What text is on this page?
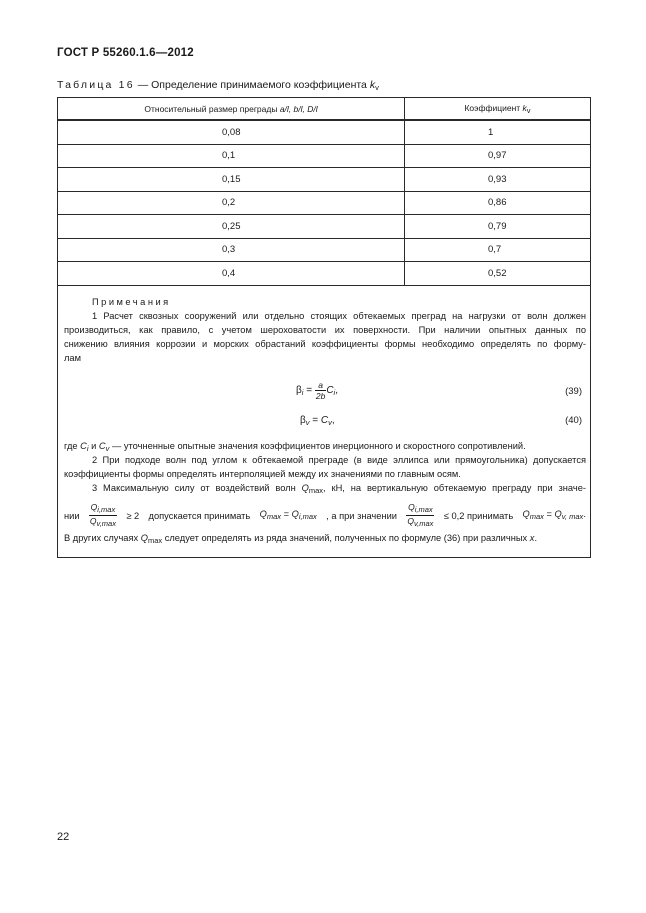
ГОСТ Р 55260.1.6—2012
Таблица 16 — Определение принимаемого коэффициента $k_v$
Относительный размер преграды a/l, b/l, D/l	Коэффициент kv
0,08	1
0,1	0,97
0,15	0,93
0,2	0,86
0,25	0,79
0,3	0,7
0,4	0,52

Примечания

1 Расчет сквозных сооружений или отдельно стоящих обтекаемых преград на нагрузки от волн должен

производиться, как правило, с учетом шероховатости их поверхности. При наличии опытных данных по

снижению влияния коррозии и морских обрастаний коэффициенты формы необходимо определять по форму-

лам

$\beta_i = \frac{a}{2b} C_i$,	(39)
$\beta_v = C_v$,	(40)

где $C_i$ и $C_v$ — уточненные опытные значения коэффициентов инерционного и скоростного сопротивлений.

2 При подходе волн под углом к обтекаемой преграде (в виде эллипса или прямоугольника) допускается

коэффициенты формы определять интерполяцией между их значениями по главным осям.

3 Максимальную силу от воздействий волн $Q_{max}$, кН, на вертикальную обтекаемую преграду при значе-

нии $\frac{Qi,\max}{Qv,\max} \ge 2$ допускается принимать $Q_{max} = Q_{i,max}$ , а при значении $\frac{Qi,\max}{Qv,\max} \le 0,2$ принимать $Q_{max} = Q_{v, max}$.

В других случаях $Q_{max}$ следует определять из ряда значений, полученных по формуле (36) при различных x.

22
